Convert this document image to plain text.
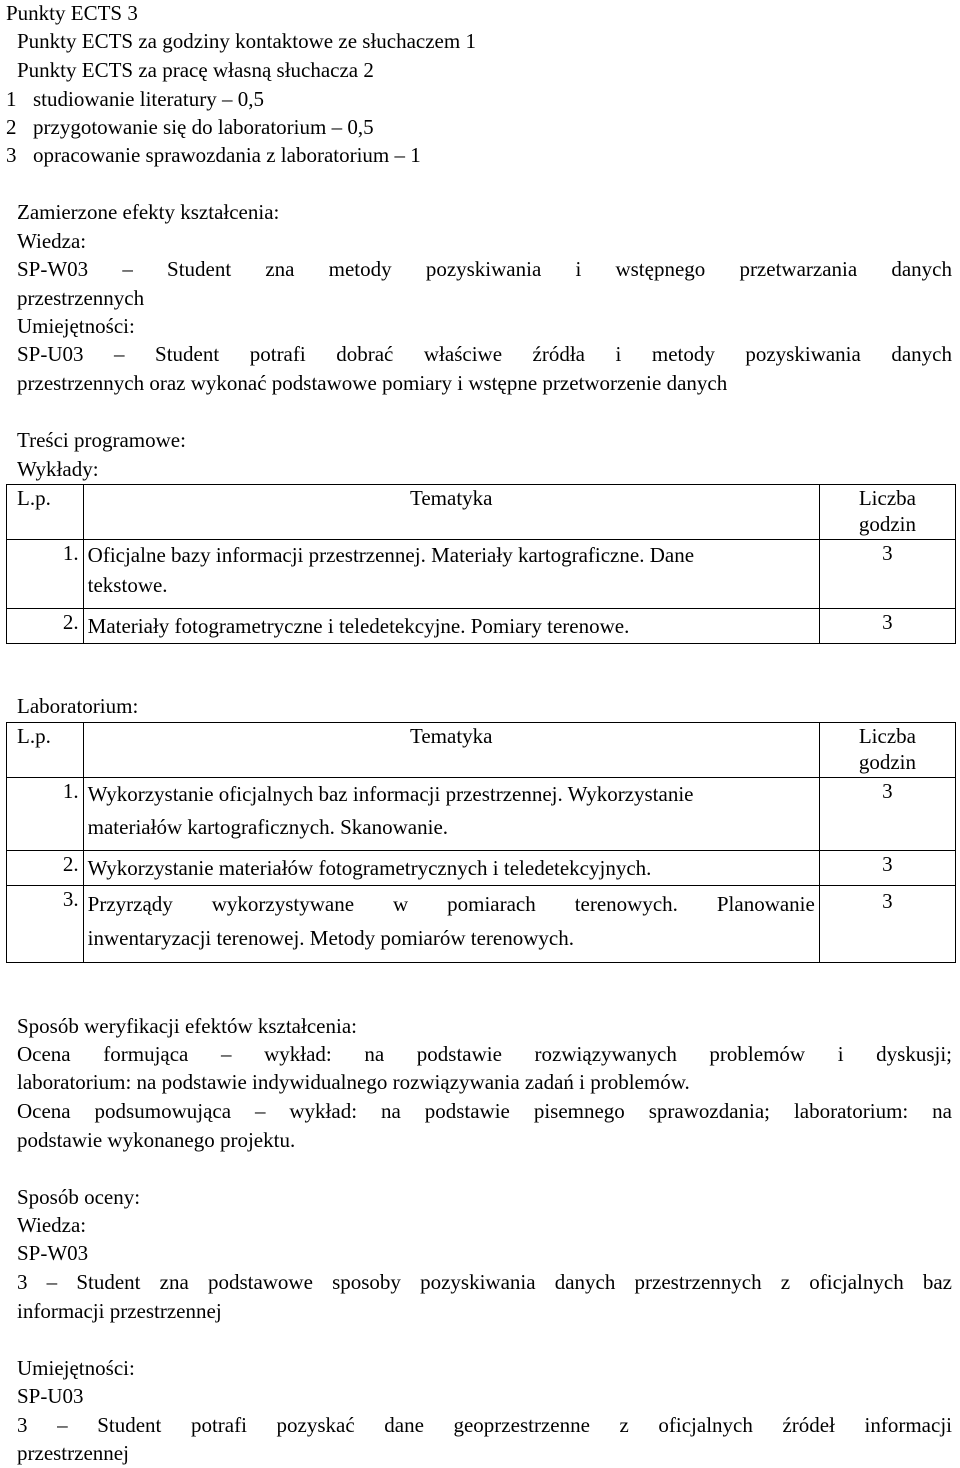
Punkty ECTS 3
Punkty ECTS za godziny kontaktowe ze słuchaczem 1
Punkty ECTS za pracę własną słuchacza 2
1 studiowanie literatury – 0,5
2 przygotowanie się do laboratorium – 0,5
3 opracowanie sprawozdania z laboratorium – 1
Zamierzone efekty kształcenia:
Wiedza:
SP-W03 – Student zna metody pozyskiwania i wstępnego przetwarzania danych
przestrzennych
Umiejętności:
SP-U03 – Student potrafi dobrać właściwe źródła i metody pozyskiwania danych
przestrzennych oraz wykonać podstawowe pomiary i wstępne przetworzenie danych
Treści programowe:
Wykłady:
L.p.	Tematyka	Liczba
godzin

1.	Oficjalne bazy informacji przestrzennej. Materiały kartograficzne. Dane
tekstowe.	3
2.	Materiały fotogrametryczne i teledetekcyjne. Pomiary terenowe.	3
Laboratorium:
L.p.	Tematyka	Liczba
godzin

1.	Wykorzystanie oficjalnych baz informacji przestrzennej. Wykorzystanie
materiałów kartograficznych. Skanowanie.	3
2.	Wykorzystanie materiałów fotogrametrycznych i teledetekcyjnych.	3
3.	Przyrządy wykorzystywane w pomiarach terenowych. Planowanie
inwentaryzacji terenowej. Metody pomiarów terenowych.	3
Sposób weryfikacji efektów kształcenia:
Ocena formująca – wykład: na podstawie rozwiązywanych problemów i dyskusji;
laboratorium: na podstawie indywidualnego rozwiązywania zadań i problemów.
Ocena podsumowująca – wykład: na podstawie pisemnego sprawozdania; laboratorium: na
podstawie wykonanego projektu.
Sposób oceny:
Wiedza:
SP-W03
3 – Student zna podstawowe sposoby pozyskiwania danych przestrzennych z oficjalnych baz
informacji przestrzennej
Umiejętności:
SP-U03
3 – Student potrafi pozyskać dane geoprzestrzenne z oficjalnych źródeł informacji
przestrzennej
